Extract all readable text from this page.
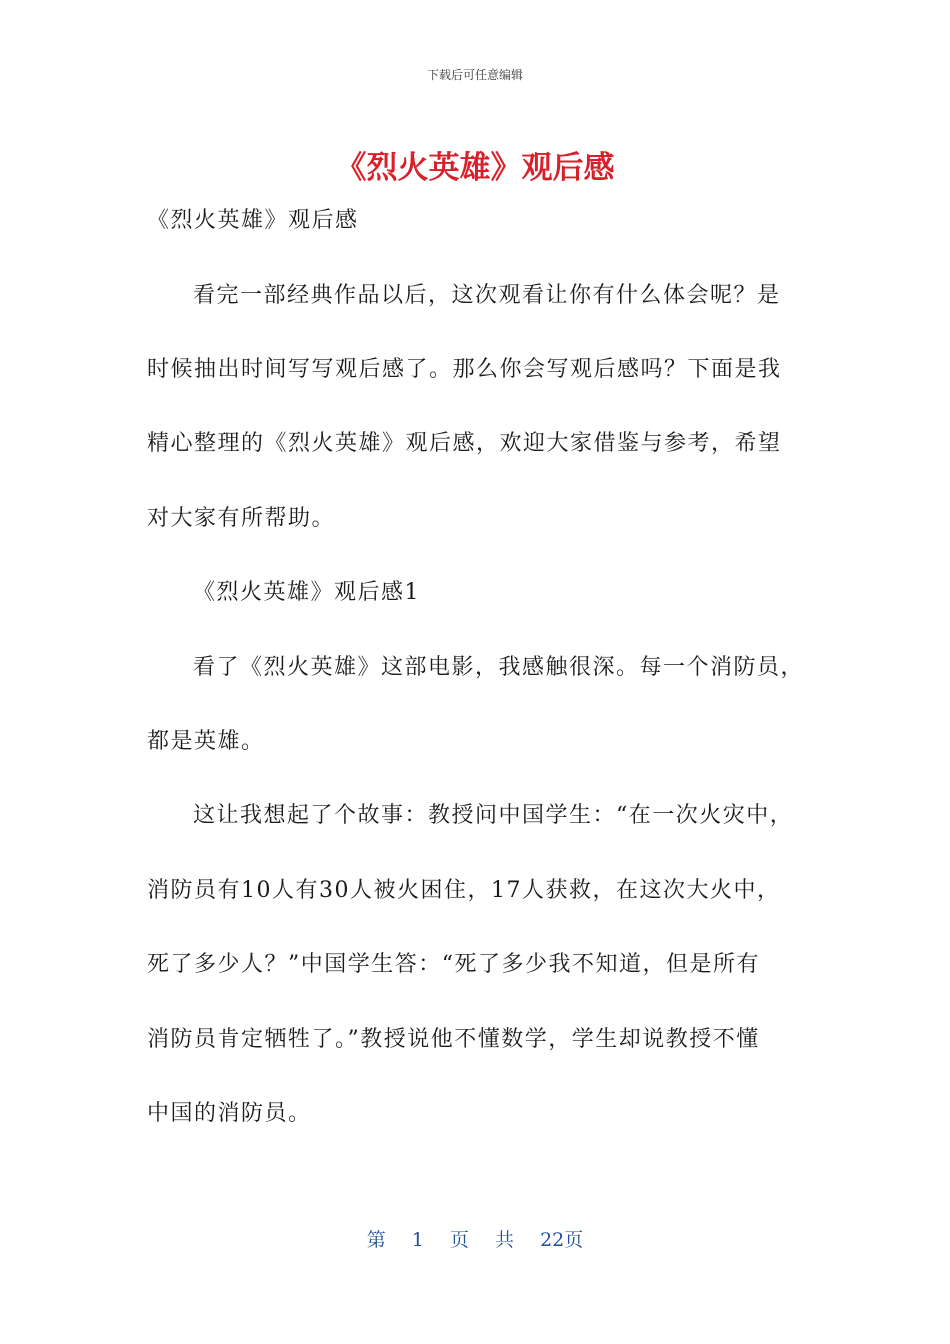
下载后可任意编辑
《烈火英雄》观后感
《烈火英雄》观后感
看完一部经典作品以后，这次观看让你有什么体会呢？是
时候抽出时间写写观后感了。那么你会写观后感吗？下面是我
精心整理的《烈火英雄》观后感，欢迎大家借鉴与参考，希望
对大家有所帮助。
《烈火英雄》观后感1
看了《烈火英雄》这部电影，我感触很深。每一个消防员，
都是英雄。
这让我想起了个故事：教授问中国学生：“在一次火灾中，
消防员有10人有30人被火困住，17人获救，在这次大火中，
死了多少人？”中国学生答：“死了多少我不知道，但是所有
消防员肯定牺牲了。”教授说他不懂数学，学生却说教授不懂
中国的消防员。
第 1 页 共 22页
